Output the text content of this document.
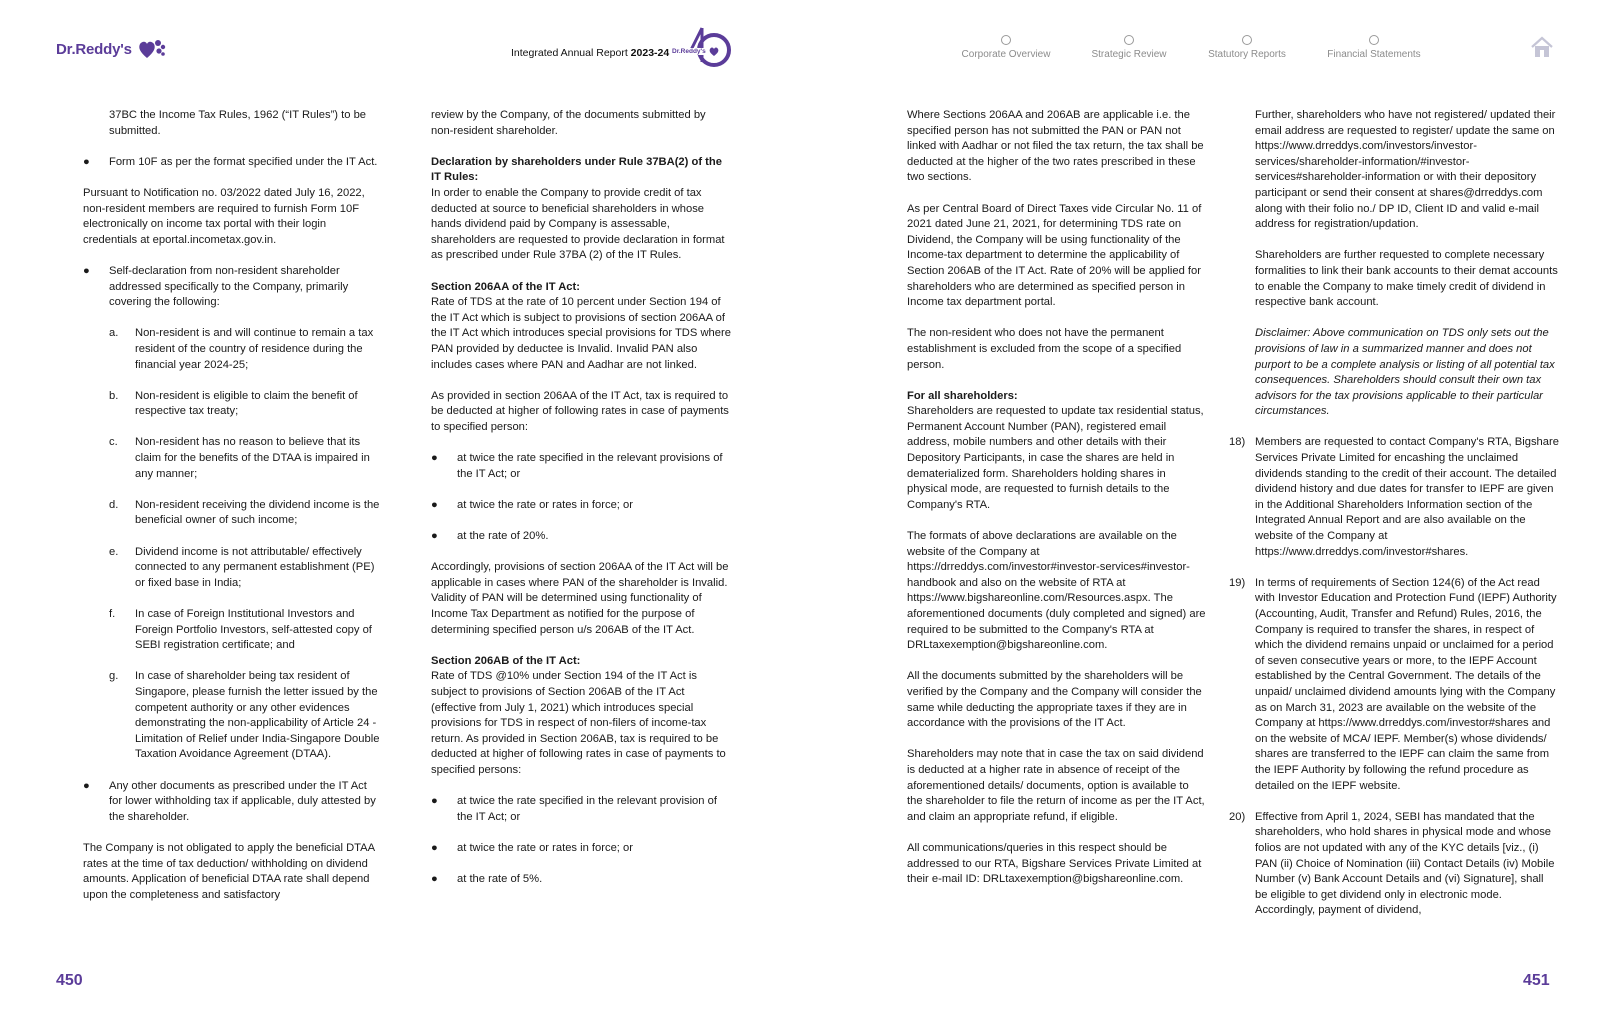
Dr.Reddy's	Integrated Annual Report 2023-24 Dr.Reddy's	Corporate Overview	Strategic Review	Statutory Reports	Financial Statements

37BC the Income Tax Rules, 1962 (“IT Rules”) to be submitted.

● Form 10F as per the format specified under the IT Act.

Pursuant to Notification no. 03/2022 dated July 16, 2022, non-resident members are required to furnish Form 10F electronically on income tax portal with their login credentials at eportal.incometax.gov.in.

● Self-declaration from non-resident shareholder addressed specifically to the Company, primarily covering the following:
a. Non-resident is and will continue to remain a tax resident of the country of residence during the financial year 2024-25;
b. Non-resident is eligible to claim the benefit of respective tax treaty;
c. Non-resident has no reason to believe that its claim for the benefits of the DTAA is impaired in any manner;
d. Non-resident receiving the dividend income is the beneficial owner of such income;
e. Dividend income is not attributable/ effectively connected to any permanent establishment (PE) or fixed base in India;
f. In case of Foreign Institutional Investors and Foreign Portfolio Investors, self-attested copy of SEBI registration certificate; and
g. In case of shareholder being tax resident of Singapore, please furnish the letter issued by the competent authority or any other evidences demonstrating the non-applicability of Article 24 - Limitation of Relief under India-Singapore Double Taxation Avoidance Agreement (DTAA).
● Any other documents as prescribed under the IT Act for lower withholding tax if applicable, duly attested by the shareholder.

The Company is not obligated to apply the beneficial DTAA rates at the time of tax deduction/ withholding on dividend amounts. Application of beneficial DTAA rate shall depend upon the completeness and satisfactory

review by the Company, of the documents submitted by non-resident shareholder.

Declaration by shareholders under Rule 37BA(2) of the IT Rules:

In order to enable the Company to provide credit of tax deducted at source to beneficial shareholders in whose hands dividend paid by Company is assessable, shareholders are requested to provide declaration in format as prescribed under Rule 37BA (2) of the IT Rules.

Section 206AA of the IT Act:

Rate of TDS at the rate of 10 percent under Section 194 of the IT Act which is subject to provisions of section 206AA of the IT Act which introduces special provisions for TDS where PAN provided by deductee is Invalid. Invalid PAN also includes cases where PAN and Aadhar are not linked.

As provided in section 206AA of the IT Act, tax is required to be deducted at higher of following rates in case of payments to specified person:

● at twice the rate specified in the relevant provisions of the IT Act; or
● at twice the rate or rates in force; or
● at the rate of 20%.

Accordingly, provisions of section 206AA of the IT Act will be applicable in cases where PAN of the shareholder is Invalid. Validity of PAN will be determined using functionality of Income Tax Department as notified for the purpose of determining specified person u/s 206AB of the IT Act.

Section 206AB of the IT Act:

Rate of TDS @10% under Section 194 of the IT Act is subject to provisions of Section 206AB of the IT Act (effective from July 1, 2021) which introduces special provisions for TDS in respect of non-filers of income-tax return. As provided in Section 206AB, tax is required to be deducted at higher of following rates in case of payments to specified persons:

● at twice the rate specified in the relevant provision of the IT Act; or
● at twice the rate or rates in force; or
● at the rate of 5%.

Where Sections 206AA and 206AB are applicable i.e. the specified person has not submitted the PAN or PAN not linked with Aadhar or not filed the tax return, the tax shall be deducted at the higher of the two rates prescribed in these two sections.

As per Central Board of Direct Taxes vide Circular No. 11 of 2021 dated June 21, 2021, for determining TDS rate on Dividend, the Company will be using functionality of the Income-tax department to determine the applicability of Section 206AB of the IT Act. Rate of 20% will be applied for shareholders who are determined as specified person in Income tax department portal.

The non-resident who does not have the permanent establishment is excluded from the scope of a specified person.

For all shareholders:

Shareholders are requested to update tax residential status, Permanent Account Number (PAN), registered email address, mobile numbers and other details with their Depository Participants, in case the shares are held in dematerialized form. Shareholders holding shares in physical mode, are requested to furnish details to the Company's RTA.

The formats of above declarations are available on the website of the Company at https://drreddys.com/investor#investor-services#investor-handbook and also on the website of RTA at https://www.bigshareonline.com/Resources.aspx. The aforementioned documents (duly completed and signed) are required to be submitted to the Company's RTA at DRLtaxexemption@bigshareonline.com.

All the documents submitted by the shareholders will be verified by the Company and the Company will consider the same while deducting the appropriate taxes if they are in accordance with the provisions of the IT Act.

Shareholders may note that in case the tax on said dividend is deducted at a higher rate in absence of receipt of the aforementioned details/ documents, option is available to the shareholder to file the return of income as per the IT Act, and claim an appropriate refund, if eligible.

All communications/queries in this respect should be addressed to our RTA, Bigshare Services Private Limited at their e-mail ID: DRLtaxexemption@bigshareonline.com.

Further, shareholders who have not registered/ updated their email address are requested to register/ update the same on https://www.drreddys.com/investors/investor-services/shareholder-information/#investor-services#shareholder-information or with their depository participant or send their consent at shares@drreddys.com along with their folio no./ DP ID, Client ID and valid e-mail address for registration/updation.

Shareholders are further requested to complete necessary formalities to link their bank accounts to their demat accounts to enable the Company to make timely credit of dividend in respective bank account.

Disclaimer: Above communication on TDS only sets out the provisions of law in a summarized manner and does not purport to be a complete analysis or listing of all potential tax consequences. Shareholders should consult their own tax advisors for the tax provisions applicable to their particular circumstances.

18) Members are requested to contact Company's RTA, Bigshare Services Private Limited for encashing the unclaimed dividends standing to the credit of their account. The detailed dividend history and due dates for transfer to IEPF are given in the Additional Shareholders Information section of the Integrated Annual Report and are also available on the website of the Company at https://www.drreddys.com/investor#shares.
19) In terms of requirements of Section 124(6) of the Act read with Investor Education and Protection Fund (IEPF) Authority (Accounting, Audit, Transfer and Refund) Rules, 2016, the Company is required to transfer the shares, in respect of which the dividend remains unpaid or unclaimed for a period of seven consecutive years or more, to the IEPF Account established by the Central Government. The details of the unpaid/ unclaimed dividend amounts lying with the Company as on March 31, 2023 are available on the website of the Company at https://www.drreddys.com/investor#shares and on the website of MCA/ IEPF. Member(s) whose dividends/ shares are transferred to the IEPF can claim the same from the IEPF Authority by following the refund procedure as detailed on the IEPF website.
20) Effective from April 1, 2024, SEBI has mandated that the shareholders, who hold shares in physical mode and whose folios are not updated with any of the KYC details [viz., (i) PAN (ii) Choice of Nomination (iii) Contact Details (iv) Mobile Number (v) Bank Account Details and (vi) Signature], shall be eligible to get dividend only in electronic mode. Accordingly, payment of dividend,
450	451
